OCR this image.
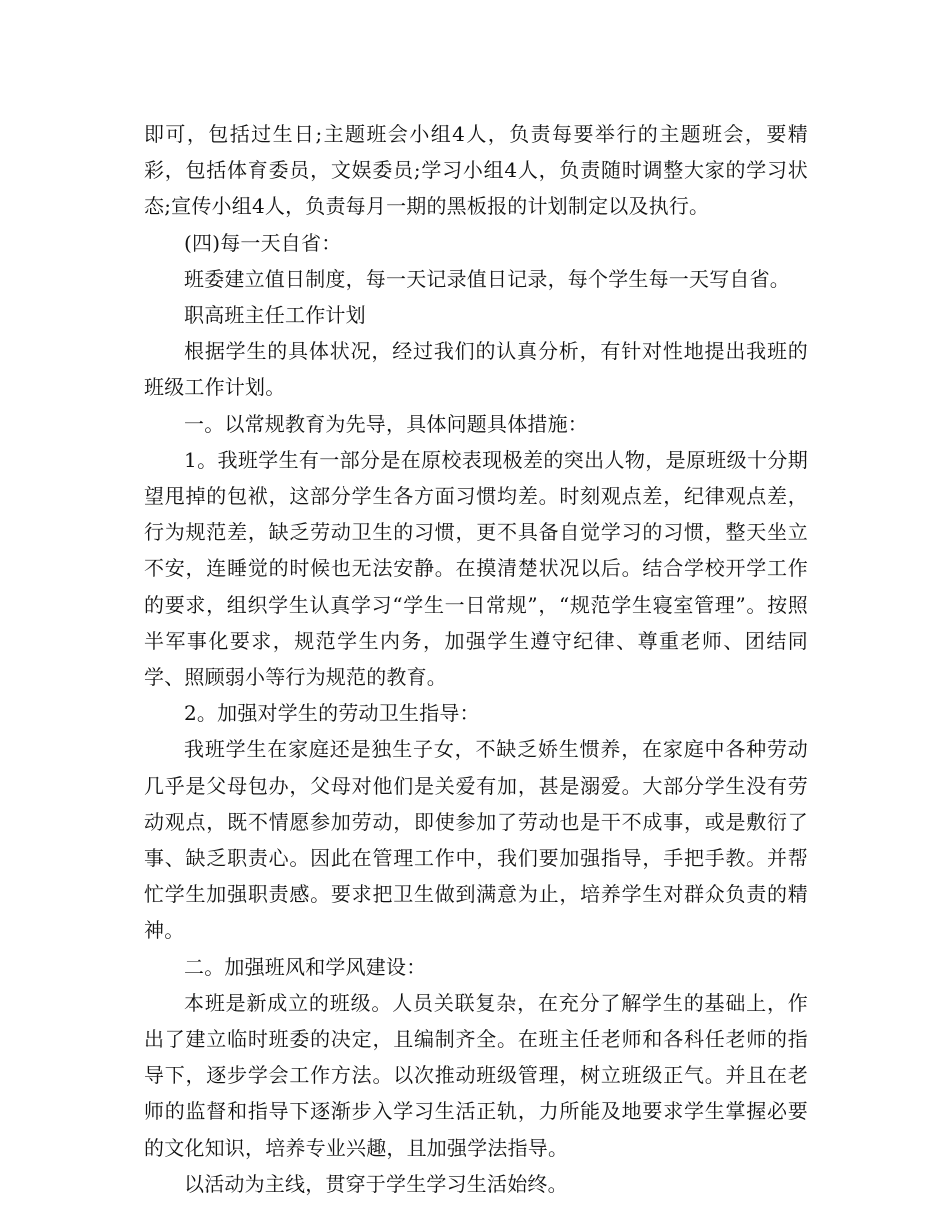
即可，包括过生日;主题班会小组4人，负责每要举行的主题班会，要精彩，包括体育委员，文娱委员;学习小组4人，负责随时调整大家的学习状态;宣传小组4人，负责每月一期的黑板报的计划制定以及执行。

(四)每一天自省：

班委建立值日制度，每一天记录值日记录，每个学生每一天写自省。

职高班主任工作计划

根据学生的具体状况，经过我们的认真分析，有针对性地提出我班的班级工作计划。

一。以常规教育为先导，具体问题具体措施：

1。我班学生有一部分是在原校表现极差的突出人物，是原班级十分期望甩掉的包袱，这部分学生各方面习惯均差。时刻观点差，纪律观点差，行为规范差，缺乏劳动卫生的习惯，更不具备自觉学习的习惯，整天坐立不安，连睡觉的时候也无法安静。在摸清楚状况以后。结合学校开学工作的要求，组织学生认真学习“学生一日常规”，“规范学生寝室管理”。按照半军事化要求，规范学生内务，加强学生遵守纪律、尊重老师、团结同学、照顾弱小等行为规范的教育。

2。加强对学生的劳动卫生指导：

我班学生在家庭还是独生子女，不缺乏娇生惯养，在家庭中各种劳动几乎是父母包办，父母对他们是关爱有加，甚是溺爱。大部分学生没有劳动观点，既不情愿参加劳动，即使参加了劳动也是干不成事，或是敷衍了事、缺乏职责心。因此在管理工作中，我们要加强指导，手把手教。并帮忙学生加强职责感。要求把卫生做到满意为止，培养学生对群众负责的精神。

二。加强班风和学风建设：

本班是新成立的班级。人员关联复杂，在充分了解学生的基础上，作出了建立临时班委的决定，且编制齐全。在班主任老师和各科任老师的指导下，逐步学会工作方法。以次推动班级管理，树立班级正气。并且在老师的监督和指导下逐渐步入学习生活正轨，力所能及地要求学生掌握必要的文化知识，培养专业兴趣，且加强学法指导。

以活动为主线，贯穿于学生学习生活始终。
